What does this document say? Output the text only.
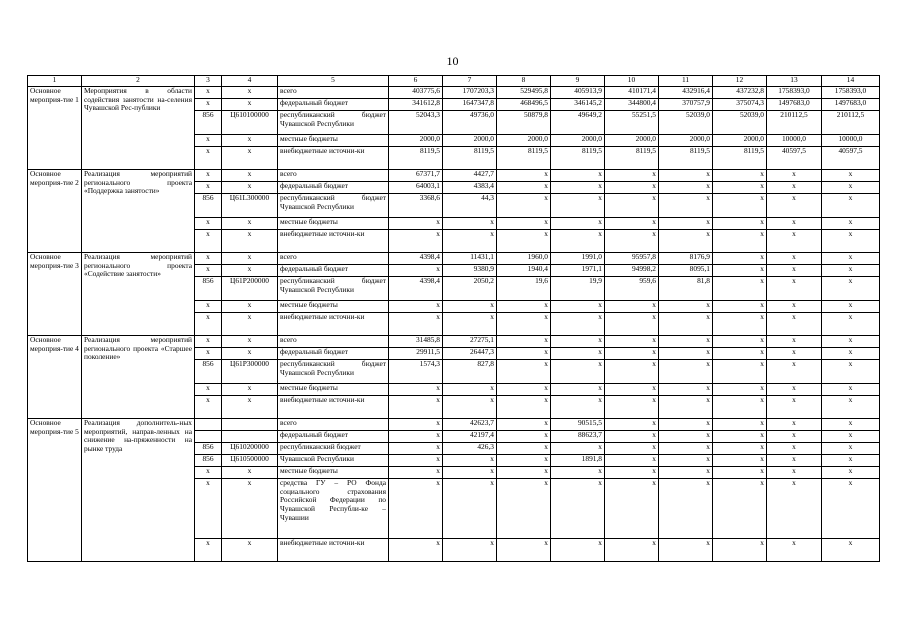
10
1	2	3	4	5	6	7	8	9	10	11	12	13	14
Основное мероприя-тие 1	Мероприятия в области содействия занятости на-селения Чувашской Рес-публики	х	х	всего	403775,6	1707203,3	529495,8	405913,9	410171,4	432916,4	437232,8	1758393,0	1758393,0
		х	х	федеральный бюджет	341612,8	1647347,8	468496,5	346145,2	344800,4	370757,9	375074,3	1497683,0	1497683,0
		856	Ц610100000	республиканский бюджет Чувашской Республики	52043,3	49736,0	50879,8	49649,2	55251,5	52039,0	52039,0	210112,5	210112,5
		х	х	местные бюджеты	2000,0	2000,0	2000,0	2000,0	2000,0	2000,0	2000,0	10000,0	10000,0
		х	х	внебюджетные источни-ки	8119,5	8119,5	8119,5	8119,5	8119,5	8119,5	8119,5	40597,5	40597,5
Основное мероприя-тие 2	Реализация мероприятий регионального проекта «Поддержка занятости»	х	х	всего	67371,7	4427,7	х	х	х	х	х	х	х
		х	х	федеральный бюджет	64003,1	4383,4	х	х	х	х	х	х	х
		856	Ц61L300000	республиканский бюджет Чувашской Республики	3368,6	44,3	х	х	х	х	х	х	х
		х	х	местные бюджеты	х	х	х	х	х	х	х	х	х
		х	х	внебюджетные источни-ки	х	х	х	х	х	х	х	х	х
Основное мероприя-тие 3	Реализация мероприятий регионального проекта «Содействие занятости»	х	х	всего	4398,4	11431,1	1960,0	1991,0	95957,8	8176,9	х	х	х
		х	х	федеральный бюджет	х	9380,9	1940,4	1971,1	94998,2	8095,1	х	х	х
		856	Ц61P200000	республиканский бюджет Чувашской Республики	4398,4	2050,2	19,6	19,9	959,6	81,8	х	х	х
		х	х	местные бюджеты	х	х	х	х	х	х	х	х	х
		х	х	внебюджетные источни-ки	х	х	х	х	х	х	х	х	х
Основное мероприя-тие 4	Реализация мероприятий регионального проекта «Старшее поколение»	х	х	всего	31485,8	27275,1	х	х	х	х	х	х	х
		х	х	федеральный бюджет	29911,5	26447,3	х	х	х	х	х	х	х
		856	Ц61P300000	республиканский бюджет Чувашской Республики	1574,3	827,8	х	х	х	х	х	х	х
		х	х	местные бюджеты	х	х	х	х	х	х	х	х	х
		х	х	внебюджетные источни-ки	х	х	х	х	х	х	х	х	х
Основное мероприя-тие 5	Реализация дополнитель-ных мероприятий, направ-ленных на снижение на-пряженности на рынке труда			всего	х	42623,7	х	90515,5	х	х	х	х	х
				федеральный бюджет	х	42197,4	х	88623,7	х	х	х	х	х
		856	Ц610200000	республиканский бюджет	х	426,3	х	х	х	х	х	х	х
		856	Ц610500000	Чувашской Республики	х	х	х	1891,8	х	х	х	х	х
		х	х	местные бюджеты	х	х	х	х	х	х	х	х	х
		х	х	средства ГУ – РО Фонда социального страхования Российской Федерации по Чувашской Республи-ке – Чувашии	х	х	х	х	х	х	х	х	х
		х	х	внебюджетные источни-ки	х	х	х	х	х	х	х	х	х
